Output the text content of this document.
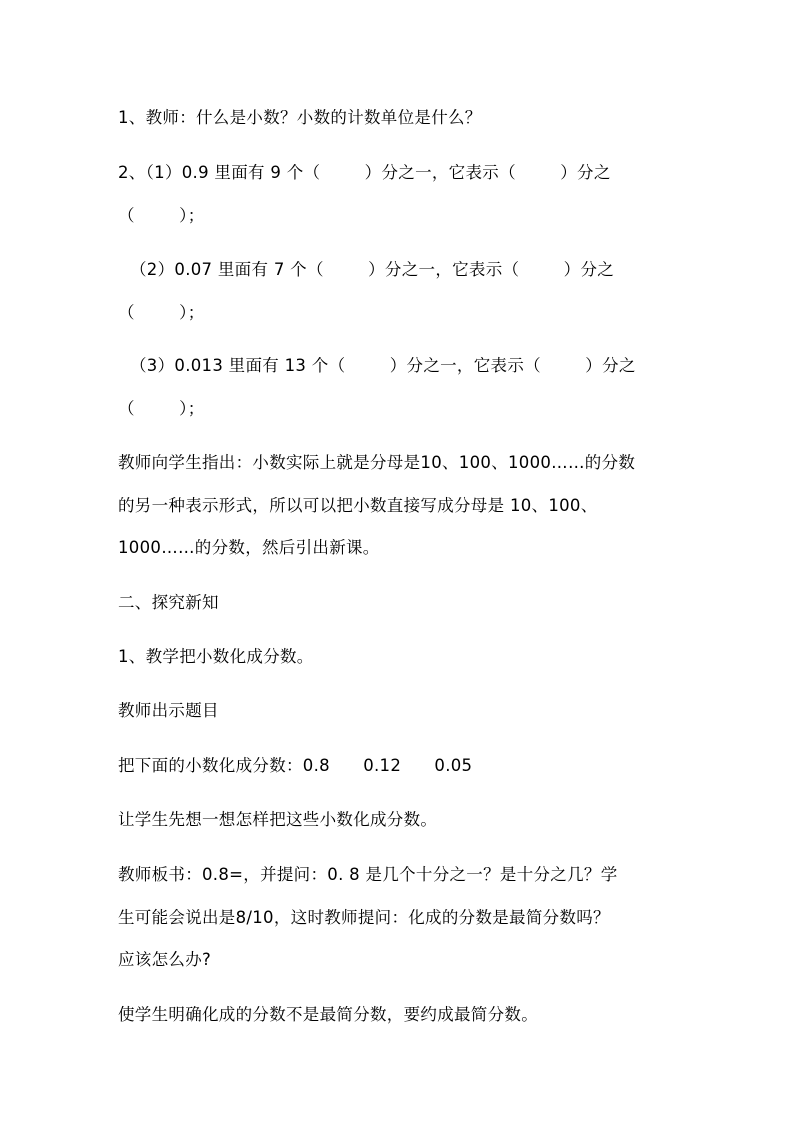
1、教师：什么是小数？小数的计数单位是什么？
2、（1）0.9 里面有 9 个（        ）分之一，它表示（        ）分之
（        ）；
（2）0.07 里面有 7 个（        ）分之一，它表示（        ）分之
（        ）；
（3）0.013 里面有 13 个（        ）分之一，它表示（        ）分之
（        ）；
教师向学生指出：小数实际上就是分母是10、100、1000……的分数
的另一种表示形式，所以可以把小数直接写成分母是 10、100、
1000……的分数，然后引出新课。
二、探究新知
1、教学把小数化成分数。
教师出示题目
把下面的小数化成分数：0.8      0.12      0.05
让学生先想一想怎样把这些小数化成分数。
教师板书：0.8=，并提问：0. 8 是几个十分之一？是十分之几？学
生可能会说出是8/10，这时教师提问：化成的分数是最简分数吗？
应该怎么办?
使学生明确化成的分数不是最简分数，要约成最简分数。
